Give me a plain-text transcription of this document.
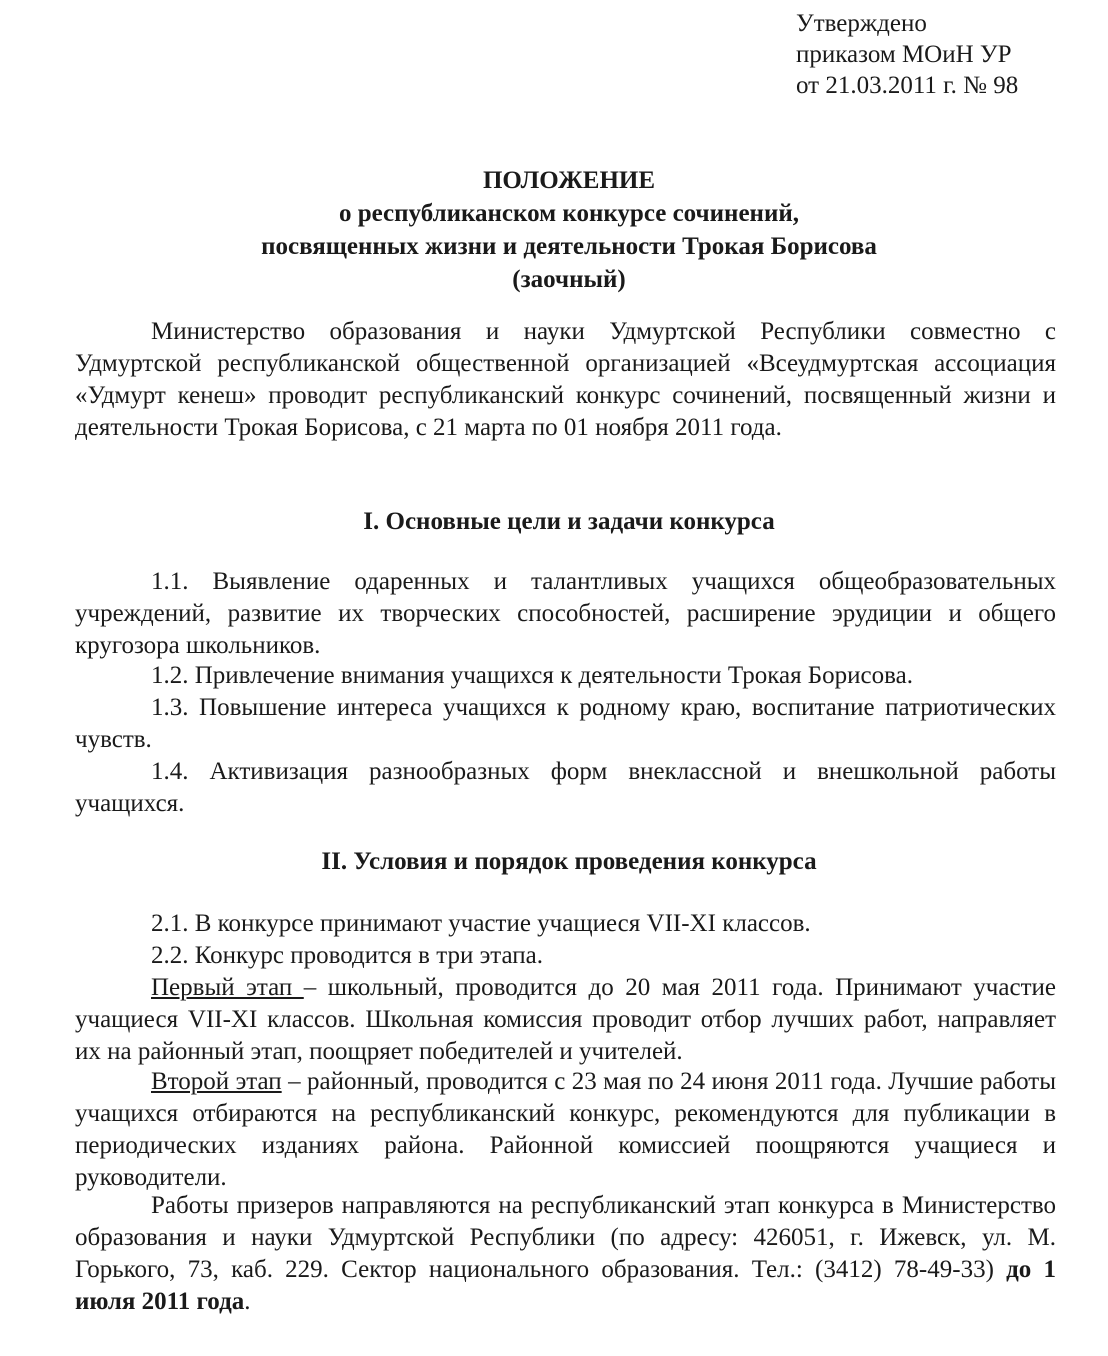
Утверждено
приказом МОиН УР
от 21.03.2011 г. № 98
ПОЛОЖЕНИЕ
о республиканском конкурсе сочинений,
посвященных жизни и деятельности Трокая Борисова
(заочный)
Министерство образования и науки Удмуртской Республики совместно с Удмуртской республиканской общественной организацией «Всеудмуртская ассоциация «Удмурт кенеш» проводит республиканский конкурс сочинений, посвященный жизни и деятельности Трокая Борисова, с 21 марта по 01 ноября 2011 года.
I. Основные цели и задачи конкурса
1.1. Выявление одаренных и талантливых учащихся общеобразовательных учреждений, развитие их творческих способностей, расширение эрудиции и общего кругозора школьников.
1.2. Привлечение внимания учащихся к деятельности Трокая Борисова.
1.3. Повышение интереса учащихся к родному краю, воспитание патриотических чувств.
1.4. Активизация разнообразных форм внеклассной и внешкольной работы учащихся.
II. Условия и порядок проведения конкурса
2.1. В конкурсе принимают участие учащиеся VII-XI классов.
2.2. Конкурс проводится в три этапа.
Первый этап – школьный, проводится до 20 мая 2011 года. Принимают участие учащиеся VII-XI классов. Школьная комиссия проводит отбор лучших работ, направляет их на районный этап, поощряет победителей и учителей.
Второй этап – районный, проводится с 23 мая по 24 июня 2011 года. Лучшие работы учащихся отбираются на республиканский конкурс, рекомендуются для публикации в периодических изданиях района. Районной комиссией поощряются учащиеся и руководители.
Работы призеров направляются на республиканский этап конкурса в Министерство образования и науки Удмуртской Республики (по адресу: 426051, г. Ижевск, ул. М. Горького, 73, каб. 229. Сектор национального образования. Тел.: (3412) 78-49-33) до 1 июля 2011 года.
